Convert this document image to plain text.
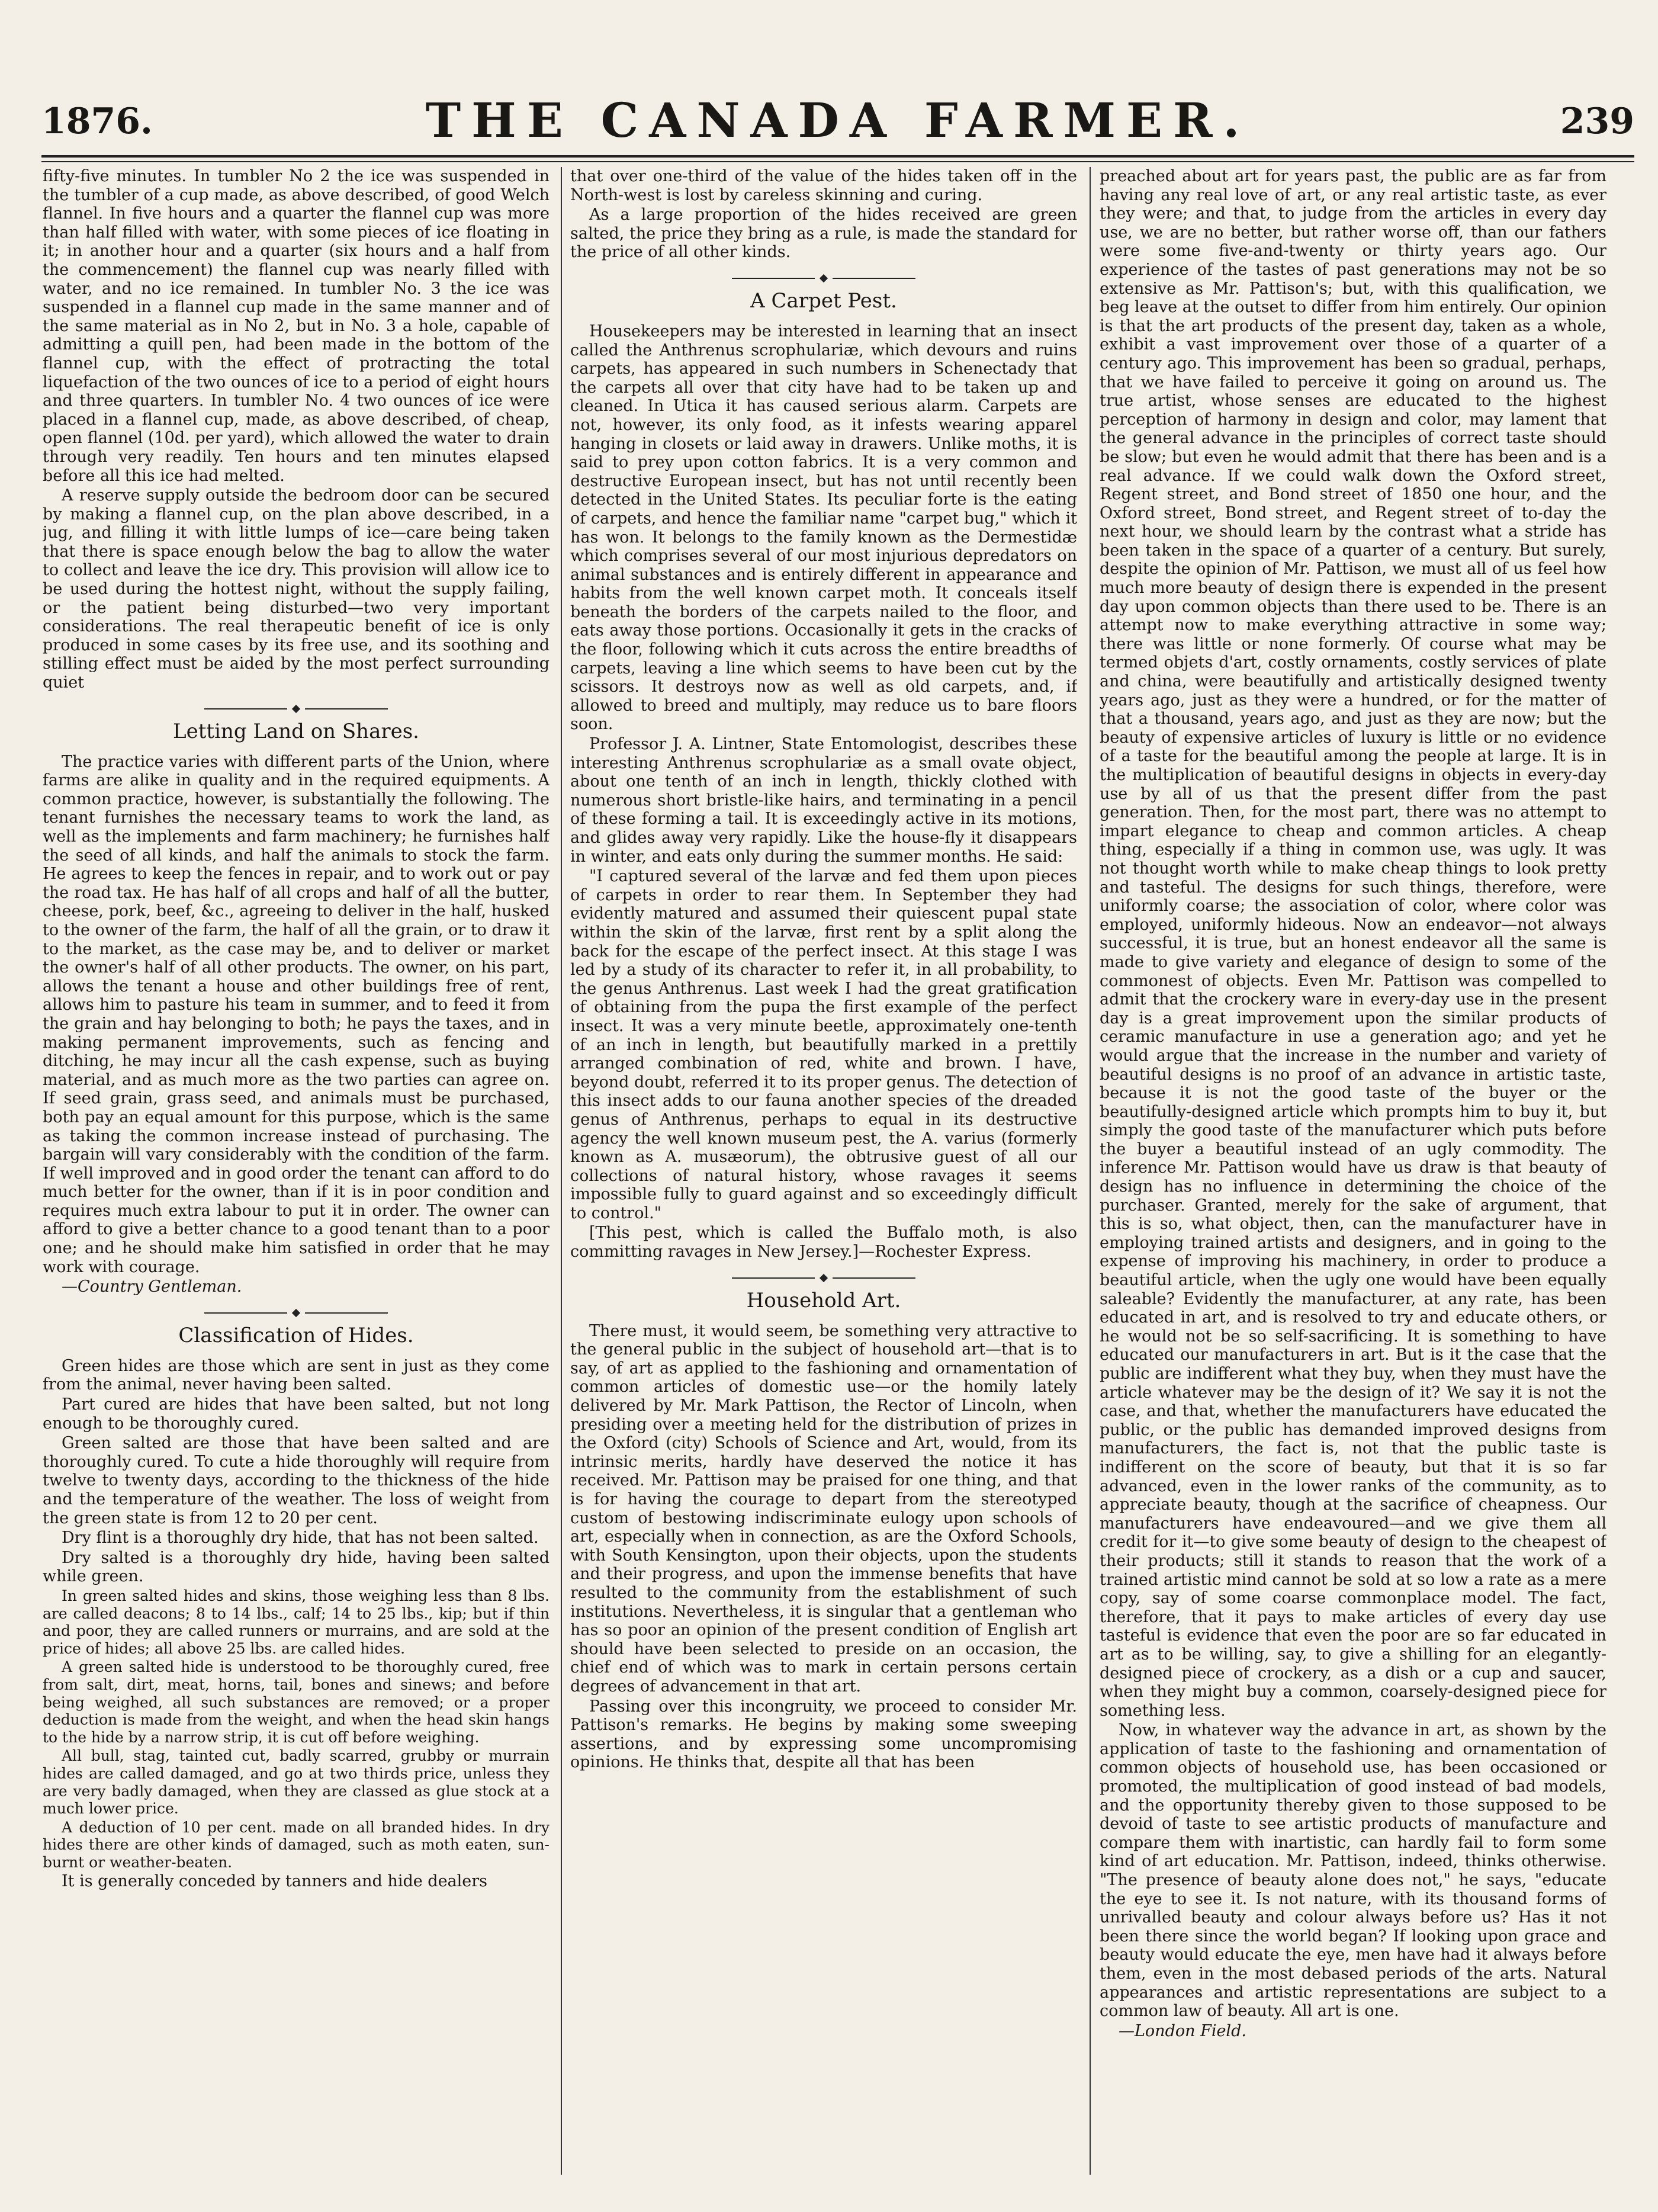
1876.	THE CANADA FARMER.	239

fifty-five minutes. In tumbler No 2 the ice was suspended in the tumbler of a cup made, as above described, of good Welch flannel. In five hours and a quarter the flannel cup was more than half filled with water, with some pieces of ice floating in it; in another hour and a quarter (six hours and a half from the commencement) the flannel cup was nearly filled with water, and no ice remained. In tumbler No. 3 the ice was suspended in a flannel cup made in the same manner and of the same material as in No 2, but in No. 3 a hole, capable of admitting a quill pen, had been made in the bottom of the flannel cup, with the effect of protracting the total liquefaction of the two ounces of ice to a period of eight hours and three quarters. In tumbler No. 4 two ounces of ice were placed in a flannel cup, made, as above described, of cheap, open flannel (10d. per yard), which allowed the water to drain through very readily. Ten hours and ten minutes elapsed before all this ice had melted.

A reserve supply outside the bedroom door can be secured by making a flannel cup, on the plan above described, in a jug, and filling it with little lumps of ice—care being taken that there is space enough below the bag to allow the water to collect and leave the ice dry. This provision will allow ice to be used during the hottest night, without the supply failing, or the patient being disturbed—two very important considerations. The real therapeutic benefit of ice is only produced in some cases by its free use, and its soothing and stilling effect must be aided by the most perfect surrounding quiet

Letting Land on Shares.

The practice varies with different parts of the Union, where farms are alike in quality and in the required equipments. A common practice, however, is substantially the following. The tenant furnishes the necessary teams to work the land, as well as the implements and farm machinery; he furnishes half the seed of all kinds, and half the animals to stock the farm. He agrees to keep the fences in repair, and to work out or pay the road tax. He has half of all crops and half of all the butter, cheese, pork, beef, &c., agreeing to deliver in the half, husked to the owner of the farm, the half of all the grain, or to draw it to the market, as the case may be, and to deliver or market the owner's half of all other products. The owner, on his part, allows the tenant a house and other buildings free of rent, allows him to pasture his team in summer, and to feed it from the grain and hay belonging to both; he pays the taxes, and in making permanent improvements, such as fencing and ditching, he may incur all the cash expense, such as buying material, and as much more as the two parties can agree on. If seed grain, grass seed, and animals must be purchased, both pay an equal amount for this purpose, which is the same as taking the common increase instead of purchasing. The bargain will vary considerably with the condition of the farm. If well improved and in good order the tenant can afford to do much better for the owner, than if it is in poor condition and requires much extra labour to put it in order. The owner can afford to give a better chance to a good tenant than to a poor one; and he should make him satisfied in order that he may work with courage.

—Country Gentleman.

Classification of Hides.

Green hides are those which are sent in just as they come from the animal, never having been salted.

Part cured are hides that have been salted, but not long enough to be thoroughly cured.

Green salted are those that have been salted and are thoroughly cured. To cute a hide thoroughly will require from twelve to twenty days, according to the thickness of the hide and the temperature of the weather. The loss of weight from the green state is from 12 to 20 per cent.

Dry flint is a thoroughly dry hide, that has not been salted.

Dry salted is a thoroughly dry hide, having been salted while green.

In green salted hides and skins, those weighing less than 8 lbs. are called deacons; 8 to 14 lbs., calf; 14 to 25 lbs., kip; but if thin and poor, they are called runners or murrains, and are sold at the price of hides; all above 25 lbs. are called hides.

A green salted hide is understood to be thoroughly cured, free from salt, dirt, meat, horns, tail, bones and sinews; and before being weighed, all such substances are removed; or a proper deduction is made from the weight, and when the head skin hangs to the hide by a narrow strip, it is cut off before weighing.

All bull, stag, tainted cut, badly scarred, grubby or murrain hides are called damaged, and go at two thirds price, unless they are very badly damaged, when they are classed as glue stock at a much lower price.

A deduction of 10 per cent. made on all branded hides. In dry hides there are other kinds of damaged, such as moth eaten, sun-burnt or weather-beaten.

It is generally conceded by tanners and hide dealers

that over one-third of the value of the hides taken off in the North-west is lost by careless skinning and curing.

As a large proportion of the hides received are green salted, the price they bring as a rule, is made the standard for the price of all other kinds.

A Carpet Pest.

Housekeepers may be interested in learning that an insect called the Anthrenus scrophulariæ, which devours and ruins carpets, has appeared in such numbers in Schenectady that the carpets all over that city have had to be taken up and cleaned. In Utica it has caused serious alarm. Carpets are not, however, its only food, as it infests wearing apparel hanging in closets or laid away in drawers. Unlike moths, it is said to prey upon cotton fabrics. It is a very common and destructive European insect, but has not until recently been detected in the United States. Its peculiar forte is the eating of carpets, and hence the familiar name "carpet bug," which it has won. It belongs to the family known as the Dermestidæ which comprises several of our most injurious depredators on animal substances and is entirely different in appearance and habits from the well known carpet moth. It conceals itself beneath the borders of the carpets nailed to the floor, and eats away those portions. Occasionally it gets in the cracks of the floor, following which it cuts across the entire breadths of carpets, leaving a line which seems to have been cut by the scissors. It destroys now as well as old carpets, and, if allowed to breed and multiply, may reduce us to bare floors soon.

Professor J. A. Lintner, State Entomologist, describes these interesting Anthrenus scrophulariæ as a small ovate object, about one tenth of an inch in length, thickly clothed with numerous short bristle-like hairs, and terminating in a pencil of these forming a tail. It is exceedingly active in its motions, and glides away very rapidly. Like the house-fly it disappears in winter, and eats only during the summer months. He said:

"I captured several of the larvæ and fed them upon pieces of carpets in order to rear them. In September they had evidently matured and assumed their quiescent pupal state within the skin of the larvæ, first rent by a split along the back for the escape of the perfect insect. At this stage I was led by a study of its character to refer it, in all probability, to the genus Anthrenus. Last week I had the great gratification of obtaining from the pupa the first example of the perfect insect. It was a very minute beetle, approximately one-tenth of an inch in length, but beautifully marked in a prettily arranged combination of red, white and brown. I have, beyond doubt, referred it to its proper genus. The detection of this insect adds to our fauna another species of the dreaded genus of Anthrenus, perhaps to equal in its destructive agency the well known museum pest, the A. varius (formerly known as A. musæorum), the obtrusive guest of all our collections of natural history, whose ravages it seems impossible fully to guard against and so exceedingly difficult to control."

[This pest, which is called the Buffalo moth, is also committing ravages in New Jersey.]—Rochester Express.

Household Art.

There must, it would seem, be something very attractive to the general public in the subject of household art—that is to say, of art as applied to the fashioning and ornamentation of common articles of domestic use—or the homily lately delivered by Mr. Mark Pattison, the Rector of Lincoln, when presiding over a meeting held for the distribution of prizes in the Oxford (city) Schools of Science and Art, would, from its intrinsic merits, hardly have deserved the notice it has received. Mr. Pattison may be praised for one thing, and that is for having the courage to depart from the stereotyped custom of bestowing indiscriminate eulogy upon schools of art, especially when in connection, as are the Oxford Schools, with South Kensington, upon their objects, upon the students and their progress, and upon the immense benefits that have resulted to the community from the establishment of such institutions. Nevertheless, it is singular that a gentleman who has so poor an opinion of the present condition of English art should have been selected to preside on an occasion, the chief end of which was to mark in certain persons certain degrees of advancement in that art.

Passing over this incongruity, we proceed to consider Mr. Pattison's remarks. He begins by making some sweeping assertions, and by expressing some uncompromising opinions. He thinks that, despite all that has been

preached about art for years past, the public are as far from having any real love of art, or any real artistic taste, as ever they were; and that, to judge from the articles in every day use, we are no better, but rather worse off, than our fathers were some five-and-twenty or thirty years ago. Our experience of the tastes of past generations may not be so extensive as Mr. Pattison's; but, with this qualification, we beg leave at the outset to differ from him entirely. Our opinion is that the art products of the present day, taken as a whole, exhibit a vast improvement over those of a quarter of a century ago. This improvement has been so gradual, perhaps, that we have failed to perceive it going on around us. The true artist, whose senses are educated to the highest perception of harmony in design and color, may lament that the general advance in the principles of correct taste should be slow; but even he would admit that there has been and is a real advance. If we could walk down the Oxford street, Regent street, and Bond street of 1850 one hour, and the Oxford street, Bond street, and Regent street of to-day the next hour, we should learn by the contrast what a stride has been taken in the space of a quarter of a century. But surely, despite the opinion of Mr. Pattison, we must all of us feel how much more beauty of design there is expended in the present day upon common objects than there used to be. There is an attempt now to make everything attractive in some way; there was little or none formerly. Of course what may be termed objets d'art, costly ornaments, costly services of plate and china, were beautifully and artistically designed twenty years ago, just as they were a hundred, or for the matter of that a thousand, years ago, and just as they are now; but the beauty of expensive articles of luxury is little or no evidence of a taste for the beautiful among the people at large. It is in the multiplication of beautiful designs in objects in every-day use by all of us that the present differ from the past generation. Then, for the most part, there was no attempt to impart elegance to cheap and common articles. A cheap thing, especially if a thing in common use, was ugly. It was not thought worth while to make cheap things to look pretty and tasteful. The designs for such things, therefore, were uniformly coarse; the association of color, where color was employed, uniformly hideous. Now an endeavor—not always successful, it is true, but an honest endeavor all the same is made to give variety and elegance of design to some of the commonest of objects. Even Mr. Pattison was compelled to admit that the crockery ware in every-day use in the present day is a great improvement upon the similar products of ceramic manufacture in use a generation ago; and yet he would argue that the increase in the number and variety of beautiful designs is no proof of an advance in artistic taste, because it is not the good taste of the buyer or the beautifully-designed article which prompts him to buy it, but simply the good taste of the manufacturer which puts before the buyer a beautiful instead of an ugly commodity. The inference Mr. Pattison would have us draw is that beauty of design has no influence in determining the choice of the purchaser. Granted, merely for the sake of argument, that this is so, what object, then, can the manufacturer have in employing trained artists and designers, and in going to the expense of improving his machinery, in order to produce a beautiful article, when the ugly one would have been equally saleable? Evidently the manufacturer, at any rate, has been educated in art, and is resolved to try and educate others, or he would not be so self-sacrificing. It is something to have educated our manufacturers in art. But is it the case that the public are indifferent what they buy, when they must have the article whatever may be the design of it? We say it is not the case, and that, whether the manufacturers have educated the public, or the public has demanded improved designs from manufacturers, the fact is, not that the public taste is indifferent on the score of beauty, but that it is so far advanced, even in the lower ranks of the community, as to appreciate beauty, though at the sacrifice of cheapness. Our manufacturers have endeavoured—and we give them all credit for it—to give some beauty of design to the cheapest of their products; still it stands to reason that the work of a trained artistic mind cannot be sold at so low a rate as a mere copy, say of some coarse commonplace model. The fact, therefore, that it pays to make articles of every day use tasteful is evidence that even the poor are so far educated in art as to be willing, say, to give a shilling for an elegantly-designed piece of crockery, as a dish or a cup and saucer, when they might buy a common, coarsely-designed piece for something less.

Now, in whatever way the advance in art, as shown by the application of taste to the fashioning and ornamentation of common objects of household use, has been occasioned or promoted, the multiplication of good instead of bad models, and the opportunity thereby given to those supposed to be devoid of taste to see artistic products of manufacture and compare them with inartistic, can hardly fail to form some kind of art education. Mr. Pattison, indeed, thinks otherwise. "The presence of beauty alone does not," he says, "educate the eye to see it. Is not nature, with its thousand forms of unrivalled beauty and colour always before us? Has it not been there since the world began? If looking upon grace and beauty would educate the eye, men have had it always before them, even in the most debased periods of the arts. Natural appearances and artistic representations are subject to a common law of beauty. All art is one.

—London Field.
